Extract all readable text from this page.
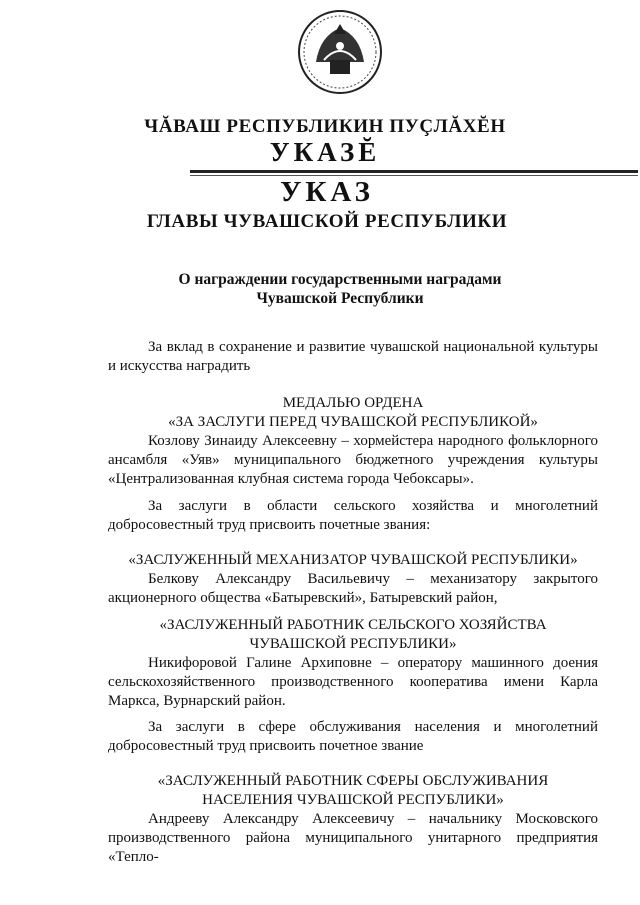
ЧĂВАШ РЕСПУБЛИКИН ПУÇЛĂХĔН
УКАЗĔ
УКАЗ
ГЛАВЫ ЧУВАШСКОЙ РЕСПУБЛИКИ
О награждении государственными наградами
Чувашской Республики
За вклад в сохранение и развитие чувашской национальной культуры и искусства наградить
МЕДАЛЬЮ ОРДЕНА
«ЗА ЗАСЛУГИ ПЕРЕД ЧУВАШСКОЙ РЕСПУБЛИКОЙ»
Козлову Зинаиду Алексеевну – хормейстера народного фольклорного ансамбля «Уяв» муниципального бюджетного учреждения культуры «Централизованная клубная система города Чебоксары».
За заслуги в области сельского хозяйства и многолетний добросовестный труд присвоить почетные звания:
«ЗАСЛУЖЕННЫЙ МЕХАНИЗАТОР ЧУВАШСКОЙ РЕСПУБЛИКИ»
Белкову Александру Васильевичу – механизатору закрытого акционерного общества «Батыревский», Батыревский район,
«ЗАСЛУЖЕННЫЙ РАБОТНИК СЕЛЬСКОГО ХОЗЯЙСТВА
ЧУВАШСКОЙ РЕСПУБЛИКИ»
Никифоровой Галине Архиповне – оператору машинного доения сельскохозяйственного производственного кооператива имени Карла Маркса, Вурнарский район.
За заслуги в сфере обслуживания населения и многолетний добросовестный труд присвоить почетное звание
«ЗАСЛУЖЕННЫЙ РАБОТНИК СФЕРЫ ОБСЛУЖИВАНИЯ
НАСЕЛЕНИЯ ЧУВАШСКОЙ РЕСПУБЛИКИ»
Андрееву Александру Алексеевичу – начальнику Московского производственного района муниципального унитарного предприятия «Тепло-
